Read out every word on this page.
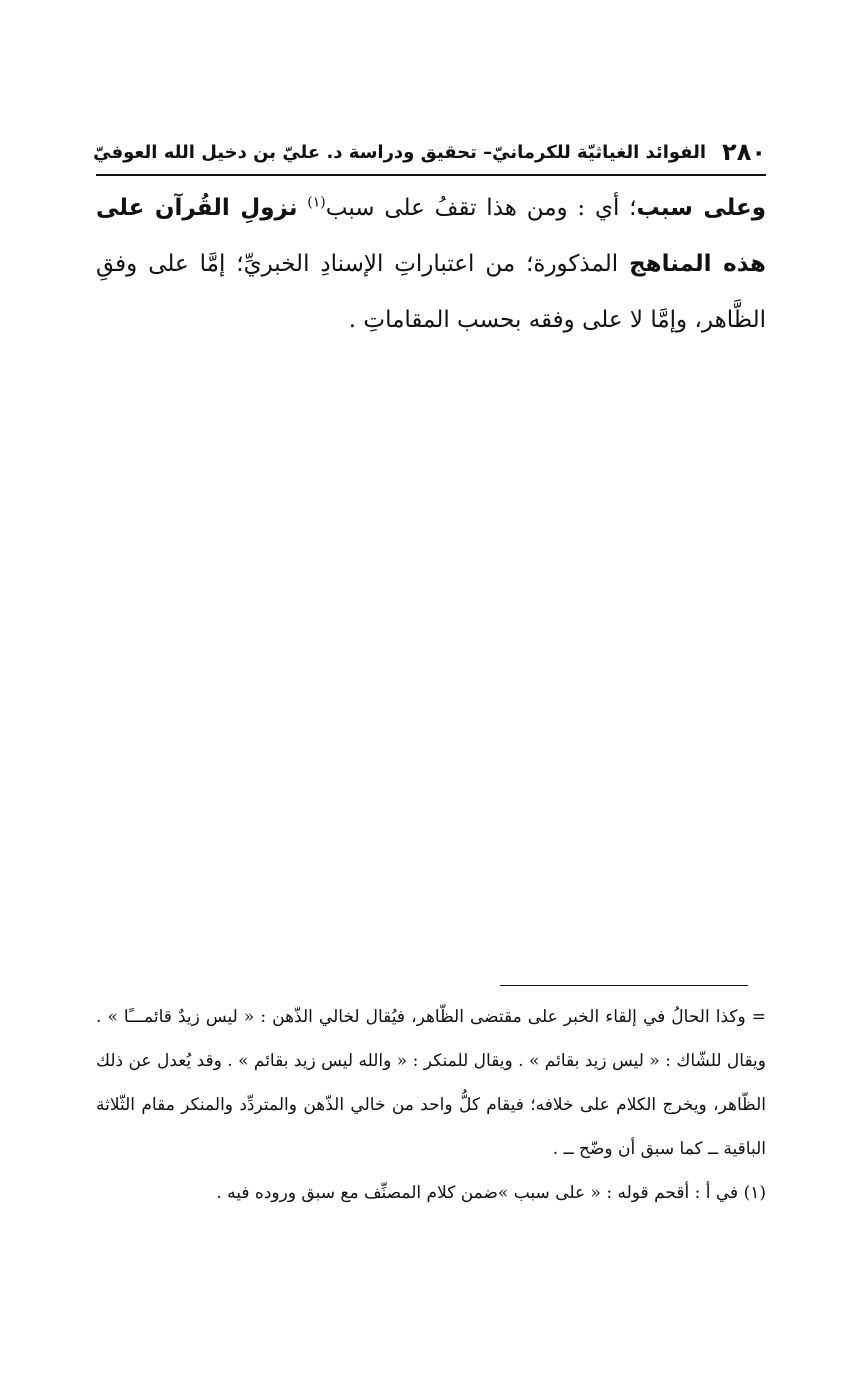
٢٨٠
الفوائد الغياثيّة للكرمانيّ– تحقيق ودراسة د. عليّ بن دخيل الله العوفيّ

وعلى سبب؛ أي : ومن هذا تقفُ على سبب$^{(١)}$ نزولِ القُرآن على هذه المناهج المذكورة؛ من اعتباراتِ الإسنادِ الخبريِّ؛ إمَّا على وفقِ الظَّاهر، وإمَّا لا على وفقه بحسب المقاماتِ .

= وكذا الحالُ في إلقاء الخبر على مقتضى الظّاهر، فيُقال لخالي الذّهن : « ليس زيدٌ قائمـــًا » . ويقال للشّاك : « ليس زيد بقائم » . ويقال للمنكر : « والله ليس زيد بقائم » . وقد يُعدل عن ذلك الظّاهر، ويخرج الكلام على خلافه؛ فيقام كلُّ واحد من خالي الذّهن والمتردِّد والمنكر مقام الثّلاثة الباقية ــ كما سبق أن وضّح ــ .

(١) في أ : أقحم قوله : « على سبب »ضمن كلام المصنِّف مع سبق وروده فيه .
